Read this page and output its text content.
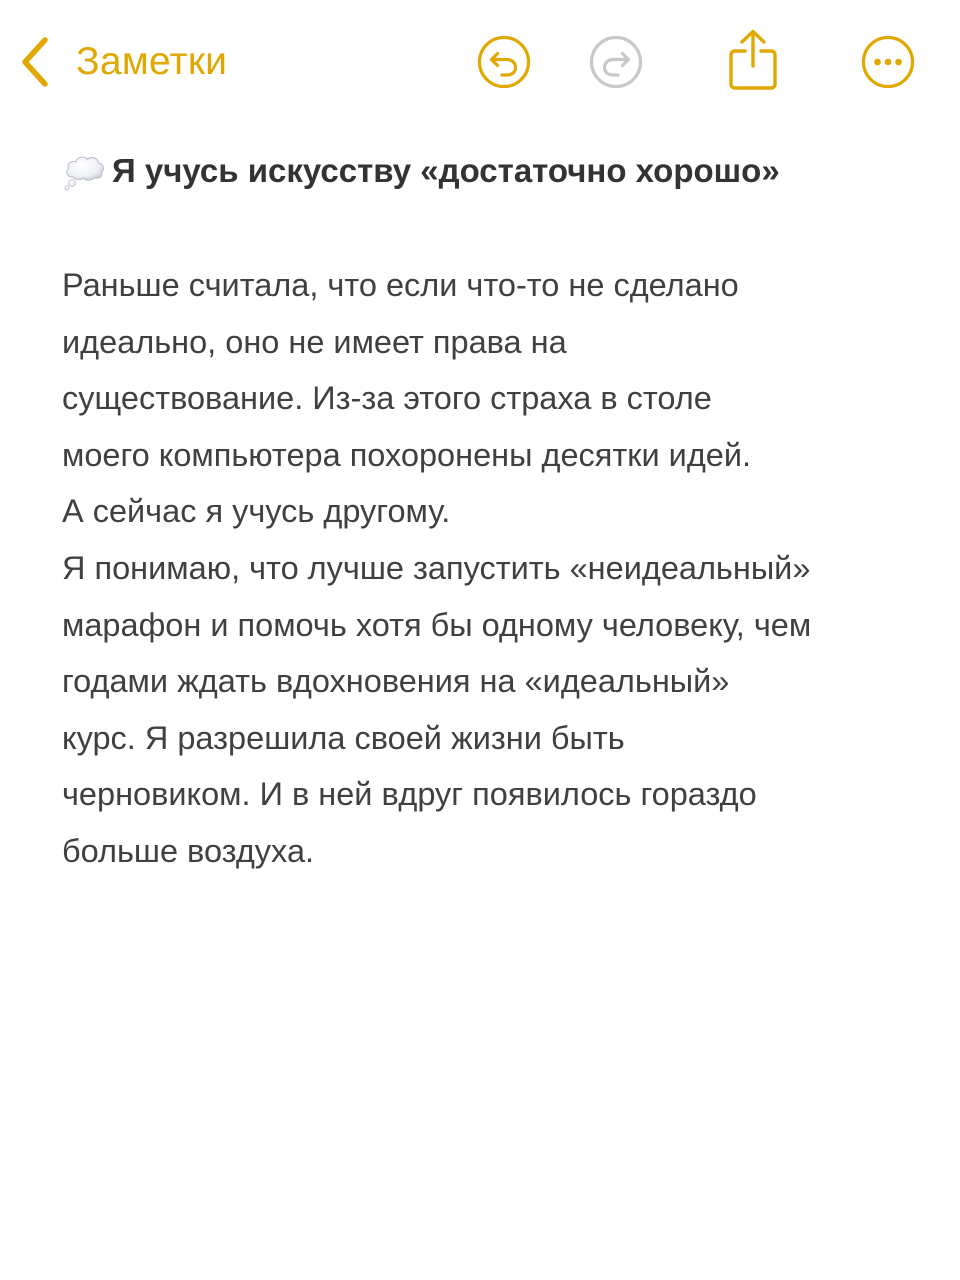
Заметки
Я учусь искусству «достаточно хорошо»
Раньше считала, что если что-то не сделано
идеально, оно не имеет права на
существование. Из-за этого страха в столе
моего компьютера похоронены десятки идей.
А сейчас я учусь другому.
Я понимаю, что лучше запустить «неидеальный»
марафон и помочь хотя бы одному человеку, чем
годами ждать вдохновения на «идеальный»
курс. Я разрешила своей жизни быть
черновиком. И в ней вдруг появилось гораздо
больше воздуха.
